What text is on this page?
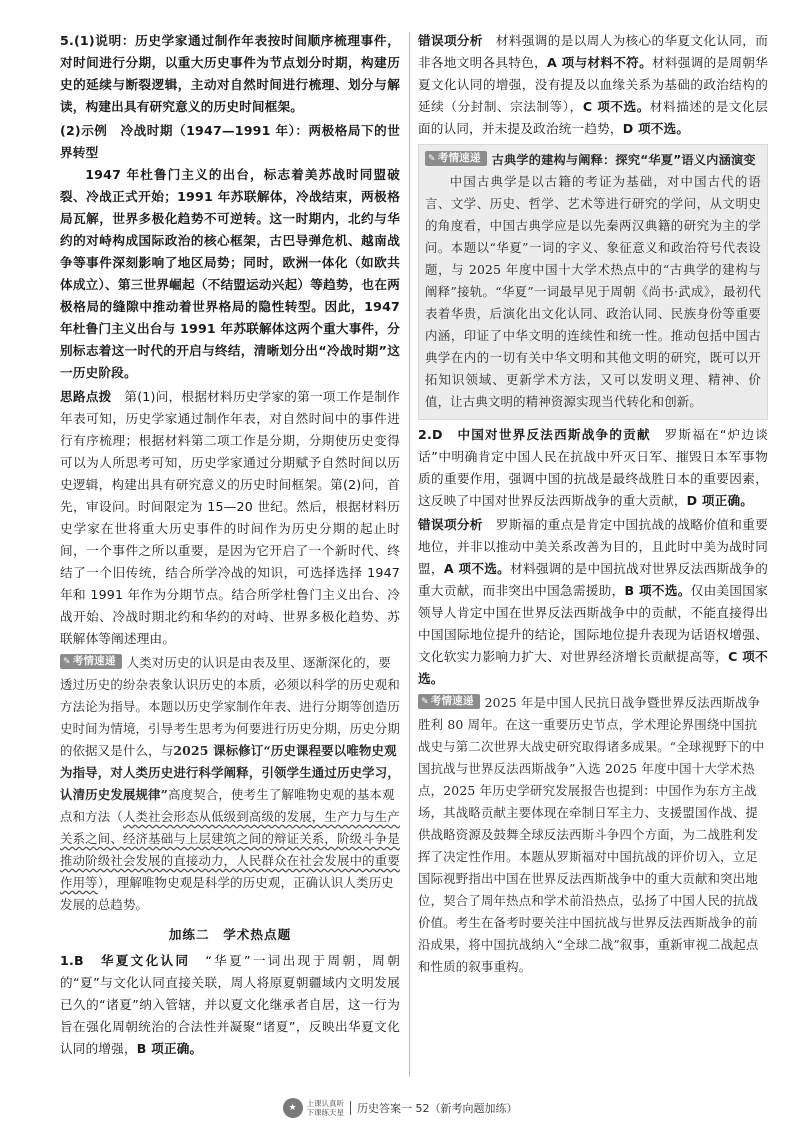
5.(1)说明：历史学家通过制作年表按时间顺序梳理事件，对时间进行分期，以重大历史事件为节点划分时期，构建历史的延续与断裂逻辑，主动对自然时间进行梳理、划分与解读，构建出具有研究意义的历史时间框架。

(2)示例　冷战时期（1947—1991 年）：两极格局下的世界转型

1947 年杜鲁门主义的出台，标志着美苏战时同盟破裂、冷战正式开始；1991 年苏联解体，冷战结束，两极格局瓦解，世界多极化趋势不可逆转。这一时期内，北约与华约的对峙构成国际政治的核心框架，古巴导弹危机、越南战争等事件深刻影响了地区局势；同时，欧洲一体化（如欧共体成立）、第三世界崛起（不结盟运动兴起）等趋势，也在两极格局的缝隙中推动着世界格局的隐性转型。因此，1947 年杜鲁门主义出台与 1991 年苏联解体这两个重大事件，分别标志着这一时代的开启与终结，清晰划分出“冷战时期”这一历史阶段。

思路点拨　 第(1)问，根据材料历史学家的第一项工作是制作年表可知，历史学家通过制作年表，对自然时间中的事件进行有序梳理；根据材料第二项工作是分期，分期使历史变得可以为人所思考可知，历史学家通过分期赋予自然时间以历史逻辑，构建出具有研究意义的历史时间框架。第(2)问，首先，审设问。时间限定为 15—20 世纪。然后，根据材料历史学家在世将重大历史事件的时间作为历史分期的起止时间，一个事件之所以重要，是因为它开启了一个新时代、终结了一个旧传统，结合所学冷战的知识，可选择选择 1947 年和 1991 年作为分期节点。结合所学杜鲁门主义出台、冷战开始、冷战时期北约和华约的对峙、世界多极化趋势、苏联解体等阐述理由。

✎ 考情速递 人类对历史的认识是由表及里、逐渐深化的，要透过历史的纷杂表象认识历史的本质，必须以科学的历史观和方法论为指导。本题以历史学家制作年表、进行分期等创造历史时间为情境，引导考生思考为何要进行历史分期，历史分期的依据又是什么，与2025 课标修订“历史课程要以唯物史观为指导，对人类历史进行科学阐释，引领学生通过历史学习，认清历史发展规律”高度契合，使考生了解唯物史观的基本观点和方法（人类社会形态从低级到高级的发展，生产力与生产关系之间、经济基础与上层建筑之间的辩证关系，阶级斗争是推动阶级社会发展的直接动力，人民群众在社会发展中的重要作用等），理解唯物史观是科学的历史观，正确认识人类历史发展的总趋势。
加练二　学术热点题

1.B　 华夏文化认同　 “华夏”一词出现于周朝，周朝的“夏”与文化认同直接关联，周人将原夏朝疆域内文明发展已久的“诸夏”纳入管辖，并以夏文化继承者自居，这一行为旨在强化周朝统治的合法性并凝聚“诸夏”，反映出华夏文化认同的增强，B 项正确。

错误项分析　 材料强调的是以周人为核心的华夏文化认同，而非各地文明各具特色，A 项与材料不符。材料强调的是周朝华夏文化认同的增强，没有提及以血缘关系为基础的政治结构的延续（分封制、宗法制等），C 项不选。材料描述的是文化层面的认同，并未提及政治统一趋势，D 项不选。

✎ 考情速递 古典学的建构与阐释：探究“华夏”语义内涵演变
中国古典学是以古籍的考证为基础，对中国古代的语言、文学、历史、哲学、艺术等进行研究的学问，从文明史的角度看，中国古典学应是以先秦两汉典籍的研究为主的学问。本题以“华夏”一词的字义、象征意义和政治符号代表设题，与 2025 年度中国十大学术热点中的“古典学的建构与阐释”接轨。“华夏”一词最早见于周朝《尚书·武成》，最初代表着华贵，后演化出文化认同、政治认同、民族身份等重要内涵，印证了中华文明的连续性和统一性。推动包括中国古典学在内的一切有关中华文明和其他文明的研究，既可以开拓知识领域、更新学术方法，又可以发明义理、精神、价值，让古典文明的精神资源实现当代转化和创新。

2.D　 中国对世界反法西斯战争的贡献　 罗斯福在“炉边谈话”中明确肯定中国人民在抗战中歼灭日军、摧毁日本军事物质的重要作用，强调中国的抗战是最终战胜日本的重要因素，这反映了中国对世界反法西斯战争的重大贡献，D 项正确。

错误项分析　 罗斯福的重点是肯定中国抗战的战略价值和重要地位，并非以推动中美关系改善为目的，且此时中美为战时同盟，A 项不选。材料强调的是中国抗战对世界反法西斯战争的重大贡献，而非突出中国急需援助，B 项不选。仅由美国国家领导人肯定中国在世界反法西斯战争中的贡献，不能直接得出中国国际地位提升的结论，国际地位提升表现为话语权增强、文化软实力影响力扩大、对世界经济增长贡献提高等，C 项不选。

✎ 考情速递 2025 年是中国人民抗日战争暨世界反法西斯战争胜利 80 周年。在这一重要历史节点，学术理论界围绕中国抗战史与第二次世界大战史研究取得诸多成果。“全球视野下的中国抗战与世界反法西斯战争”入选 2025 年度中国十大学术热点，2025 年历史学研究发展报告也提到：中国作为东方主战场，其战略贡献主要体现在牵制日军主力、支援盟国作战、提供战略资源及鼓舞全球反法西斯斗争四个方面，为二战胜利发挥了决定性作用。本题从罗斯福对中国抗战的评价切入，立足国际视野指出中国在世界反法西斯战争中的重大贡献和突出地位，契合了周年热点和学术前沿热点，弘扬了中国人民的抗战价值。考生在备考时要关注中国抗战与世界反法西斯战争的前沿成果，将中国抗战纳入“全球二战”叙事，重新审视二战起点和性质的叙事重构。
★ 上课认真听
下课练天星 历史答案一 52（新考向题加练）
